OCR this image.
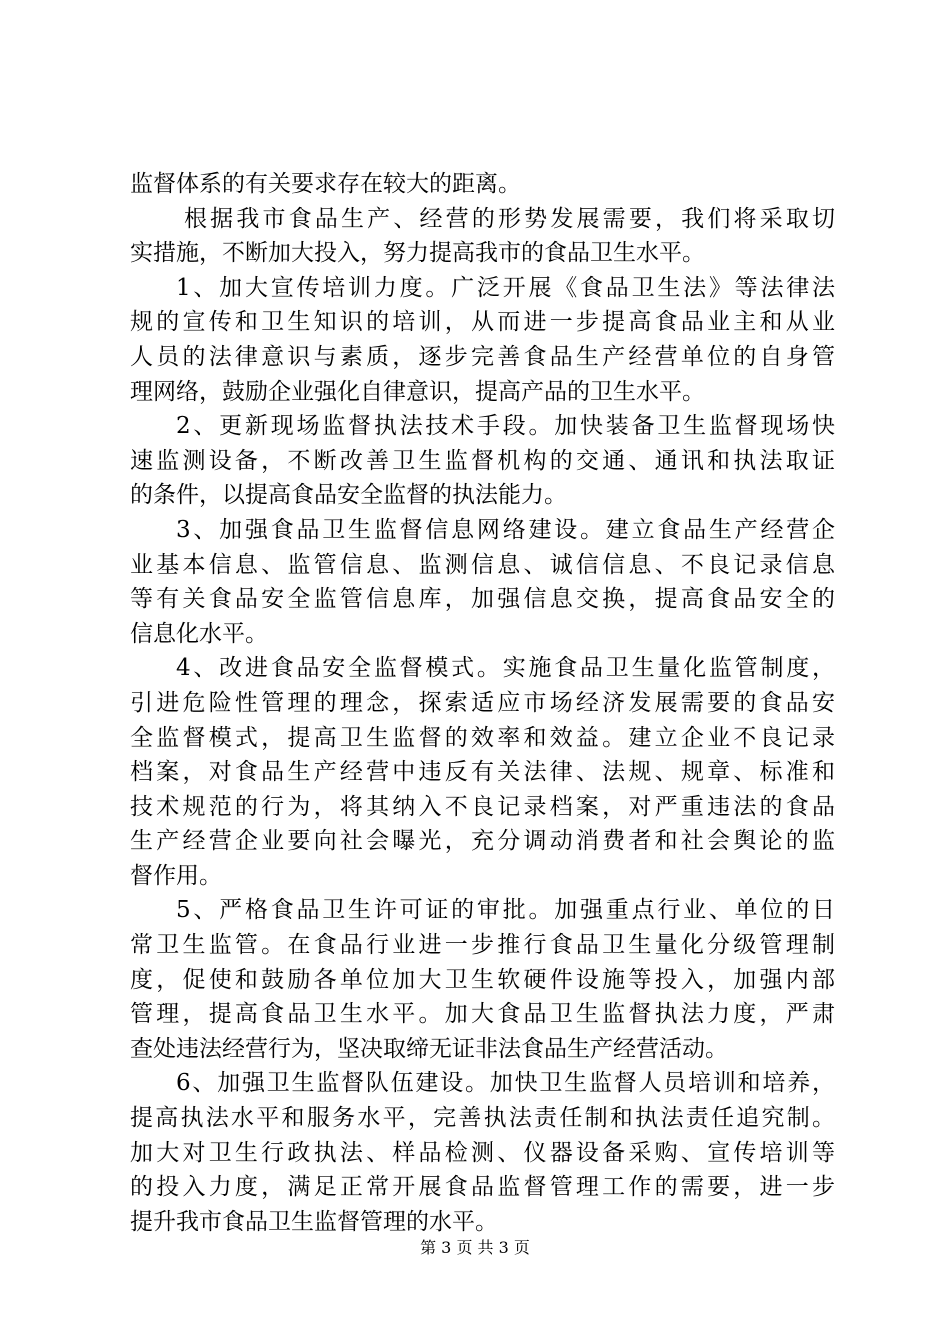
监督体系的有关要求存在较大的距离。
根据我市食品生产、经营的形势发展需要，我们将采取切
实措施，不断加大投入，努力提高我市的食品卫生水平。
1、加大宣传培训力度。广泛开展《食品卫生法》等法律法
规的宣传和卫生知识的培训，从而进一步提高食品业主和从业
人员的法律意识与素质，逐步完善食品生产经营单位的自身管
理网络，鼓励企业强化自律意识，提高产品的卫生水平。
2、更新现场监督执法技术手段。加快装备卫生监督现场快
速监测设备，不断改善卫生监督机构的交通、通讯和执法取证
的条件，以提高食品安全监督的执法能力。
3、加强食品卫生监督信息网络建设。建立食品生产经营企
业基本信息、监管信息、监测信息、诚信信息、不良记录信息
等有关食品安全监管信息库，加强信息交换，提高食品安全的
信息化水平。
4、改进食品安全监督模式。实施食品卫生量化监管制度，
引进危险性管理的理念，探索适应市场经济发展需要的食品安
全监督模式，提高卫生监督的效率和效益。建立企业不良记录
档案，对食品生产经营中违反有关法律、法规、规章、标准和
技术规范的行为，将其纳入不良记录档案，对严重违法的食品
生产经营企业要向社会曝光，充分调动消费者和社会舆论的监
督作用。
5、严格食品卫生许可证的审批。加强重点行业、单位的日
常卫生监管。在食品行业进一步推行食品卫生量化分级管理制
度，促使和鼓励各单位加大卫生软硬件设施等投入，加强内部
管理，提高食品卫生水平。加大食品卫生监督执法力度，严肃
查处违法经营行为，坚决取缔无证非法食品生产经营活动。
6、加强卫生监督队伍建设。加快卫生监督人员培训和培养，
提高执法水平和服务水平，完善执法责任制和执法责任追究制。
加大对卫生行政执法、样品检测、仪器设备采购、宣传培训等
的投入力度，满足正常开展食品监督管理工作的需要，进一步
提升我市食品卫生监督管理的水平。
第 3 页 共 3 页
